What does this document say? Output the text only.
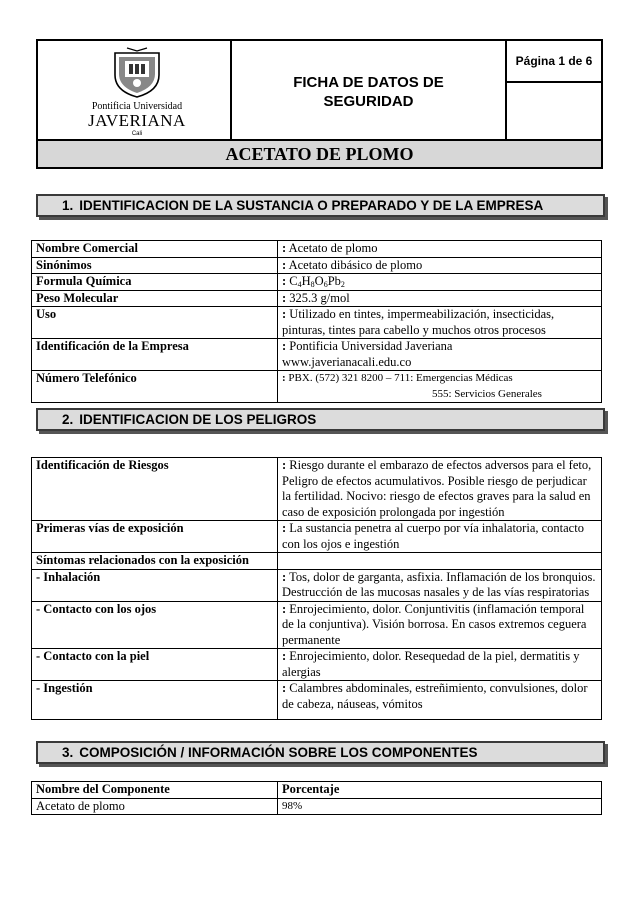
Pontificia Universidad
JAVERIANA
Cali
FICHA DE DATOS DE
SEGURIDAD
Página 1 de 6
ACETATO DE PLOMO
1. IDENTIFICACION DE LA SUSTANCIA O PREPARADO Y DE LA EMPRESA
Nombre Comercial	: Acetato de plomo
Sinónimos	: Acetato dibásico de plomo
Formula Química	: $C_4H_8O_6Pb_2$
Peso Molecular	: 325.3 g/mol
Uso	: Utilizado en tintes, impermeabilización, insecticidas, pinturas, tintes para cabello y muchos otros procesos
Identificación de la Empresa	: Pontificia Universidad Javeriana
www.javerianacali.edu.co
Número Telefónico	: PBX. (572) 321 8200 – 711: Emergencias Médicas
555: Servicios Generales
2. IDENTIFICACION DE LOS PELIGROS
Identificación de Riesgos	: Riesgo durante el embarazo de efectos adversos para el feto, Peligro de efectos acumulativos. Posible riesgo de perjudicar la fertilidad. Nocivo: riesgo de efectos graves para la salud en caso de exposición prolongada por ingestión
Primeras vías de exposición	: La sustancia penetra al cuerpo por vía inhalatoria, contacto con los ojos e ingestión
Síntomas relacionados con la exposición	
- Inhalación	: Tos, dolor de garganta, asfixia. Inflamación de los bronquios. Destrucción de las mucosas nasales y de las vías respiratorias
- Contacto con los ojos	: Enrojecimiento, dolor. Conjuntivitis (inflamación temporal de la conjuntiva). Visión borrosa. En casos extremos ceguera permanente
- Contacto con la piel	: Enrojecimiento, dolor. Resequedad de la piel, dermatitis y alergias
- Ingestión	: Calambres abdominales, estreñimiento, convulsiones, dolor de cabeza, náuseas, vómitos
3. COMPOSICIÓN / INFORMACIÓN SOBRE LOS COMPONENTES
Nombre del Componente	Porcentaje
Acetato de plomo	98%
